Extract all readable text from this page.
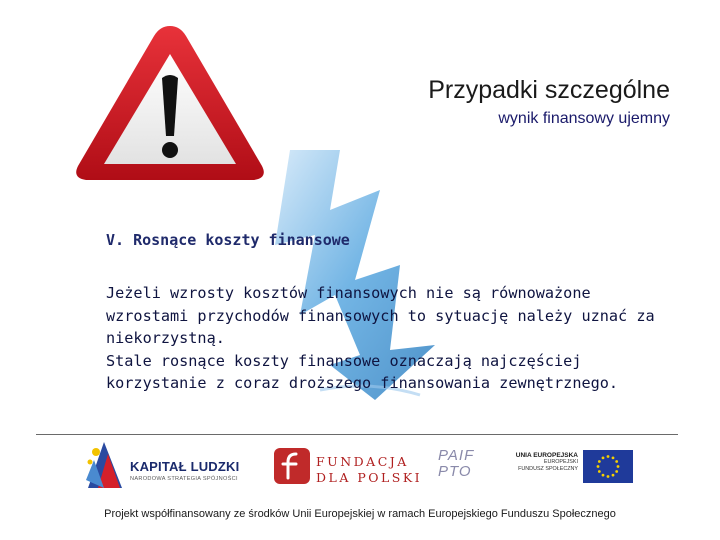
Przypadki szczególne
wynik finansowy ujemny
V. Rosnące koszty finansowe

Jeżeli wzrosty kosztów finansowych nie są równoważone wzrostami przychodów finansowych to sytuację należy uznać za niekorzystną.

Stale rosnące koszty finansowe oznaczają najczęściej korzystanie z coraz droższego finansowania zewnętrznego.

KAPITAŁ LUDZKI
NARODOWA STRATEGIA SPÓJNOŚCI
FUNDACJA
DLA POLSKI
PAIF
PTO
UNIA EUROPEJSKA
EUROPEJSKI
FUNDUSZ SPOŁECZNY
Projekt współfinansowany ze środków Unii Europejskiej w ramach Europejskiego Funduszu Społecznego
